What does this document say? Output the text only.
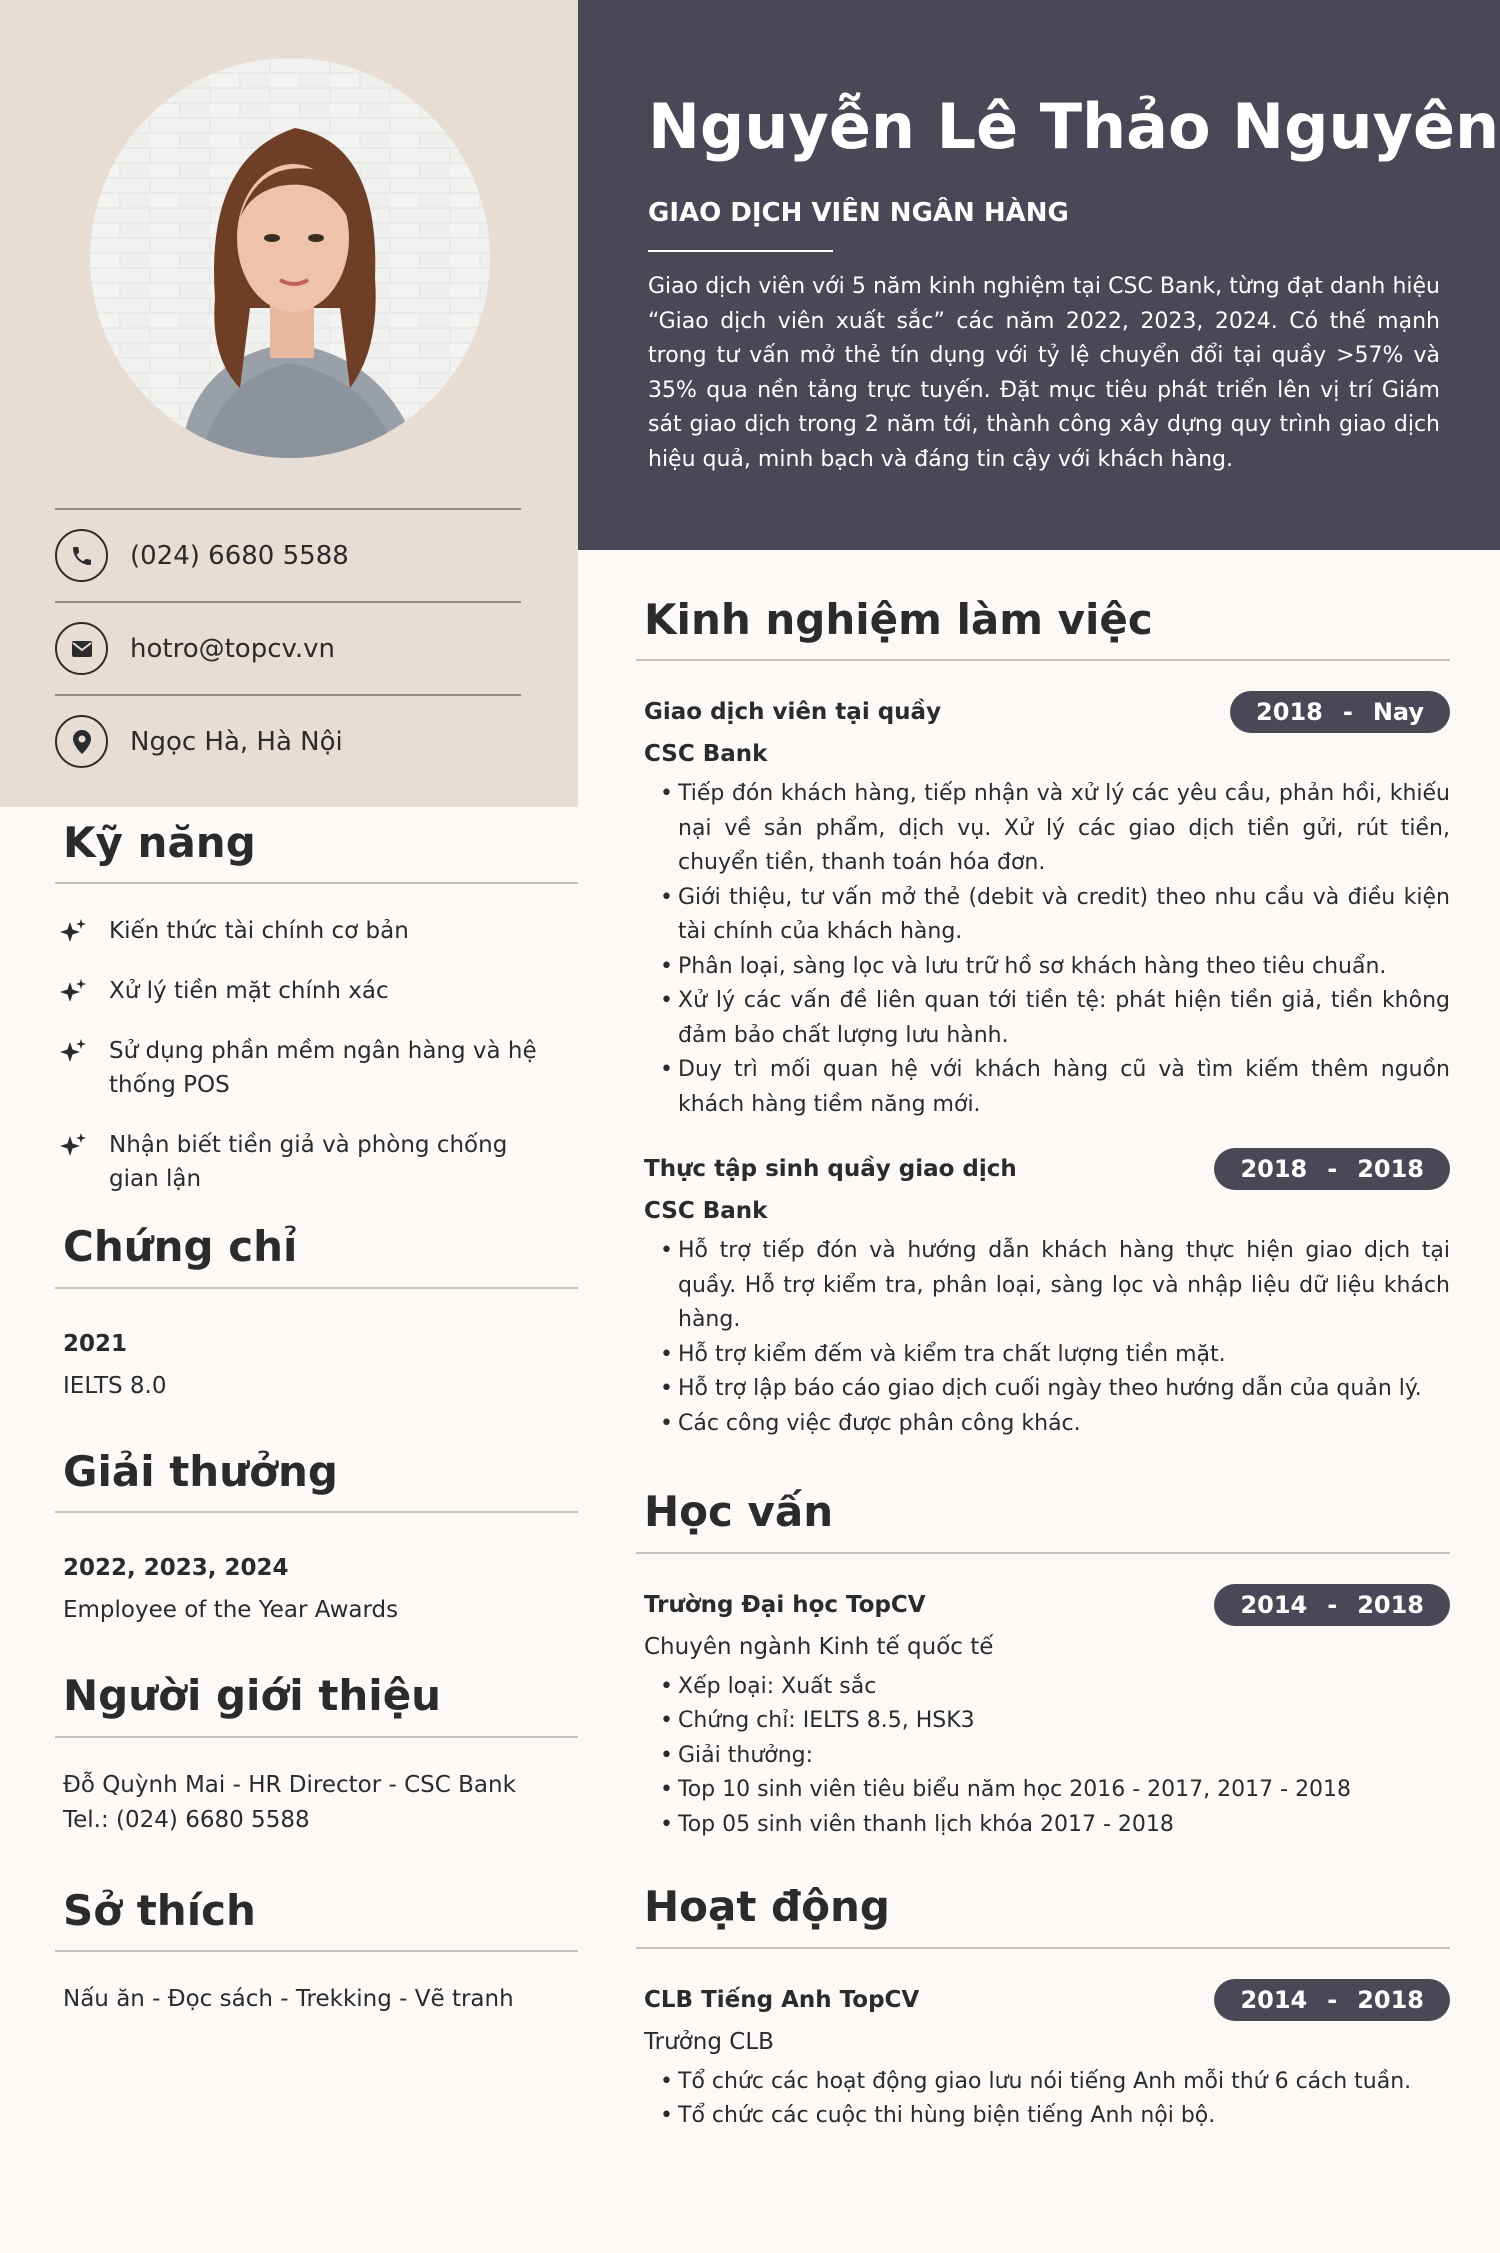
(024) 6680 5588
hotro@topcv.vn
Ngọc Hà, Hà Nội
Nguyễn Lê Thảo Nguyên
GIAO DỊCH VIÊN NGÂN HÀNG
Giao dịch viên với 5 năm kinh nghiệm tại CSC Bank, từng đạt danh hiệu “Giao dịch viên xuất sắc” các năm 2022, 2023, 2024. Có thế mạnh trong tư vấn mở thẻ tín dụng với tỷ lệ chuyển đổi tại quầy >57% và 35% qua nền tảng trực tuyến. Đặt mục tiêu phát triển lên vị trí Giám sát giao dịch trong 2 năm tới, thành công xây dựng quy trình giao dịch hiệu quả, minh bạch và đáng tin cậy với khách hàng.
Kỹ năng
Kiến thức tài chính cơ bản
Xử lý tiền mặt chính xác
Sử dụng phần mềm ngân hàng và hệ thống POS
Nhận biết tiền giả và phòng chống gian lận
Chứng chỉ
2021
IELTS 8.0
Giải thưởng
2022, 2023, 2024
Employee of the Year Awards
Người giới thiệu
Đỗ Quỳnh Mai - HR Director - CSC Bank
Tel.: (024) 6680 5588
Sở thích
Nấu ăn - Đọc sách - Trekking - Vẽ tranh
Kinh nghiệm làm việc
Giao dịch viên tại quầy	2018 - Nay
CSC Bank
• Tiếp đón khách hàng, tiếp nhận và xử lý các yêu cầu, phản hồi, khiếu nại về sản phẩm, dịch vụ. Xử lý các giao dịch tiền gửi, rút tiền, chuyển tiền, thanh toán hóa đơn.
• Giới thiệu, tư vấn mở thẻ (debit và credit) theo nhu cầu và điều kiện tài chính của khách hàng.
• Phân loại, sàng lọc và lưu trữ hồ sơ khách hàng theo tiêu chuẩn.
• Xử lý các vấn đề liên quan tới tiền tệ: phát hiện tiền giả, tiền không đảm bảo chất lượng lưu hành.
• Duy trì mối quan hệ với khách hàng cũ và tìm kiếm thêm nguồn khách hàng tiềm năng mới.
Thực tập sinh quầy giao dịch	2018 - 2018
CSC Bank
• Hỗ trợ tiếp đón và hướng dẫn khách hàng thực hiện giao dịch tại quầy. Hỗ trợ kiểm tra, phân loại, sàng lọc và nhập liệu dữ liệu khách hàng.
• Hỗ trợ kiểm đếm và kiểm tra chất lượng tiền mặt.
• Hỗ trợ lập báo cáo giao dịch cuối ngày theo hướng dẫn của quản lý.
• Các công việc được phân công khác.
Học vấn
Trường Đại học TopCV	2014 - 2018
Chuyên ngành Kinh tế quốc tế
• Xếp loại: Xuất sắc
• Chứng chỉ: IELTS 8.5, HSK3
• Giải thưởng:
• Top 10 sinh viên tiêu biểu năm học 2016 - 2017, 2017 - 2018
• Top 05 sinh viên thanh lịch khóa 2017 - 2018
Hoạt động
CLB Tiếng Anh TopCV	2014 - 2018
Trưởng CLB
• Tổ chức các hoạt động giao lưu nói tiếng Anh mỗi thứ 6 cách tuần.
• Tổ chức các cuộc thi hùng biện tiếng Anh nội bộ.
